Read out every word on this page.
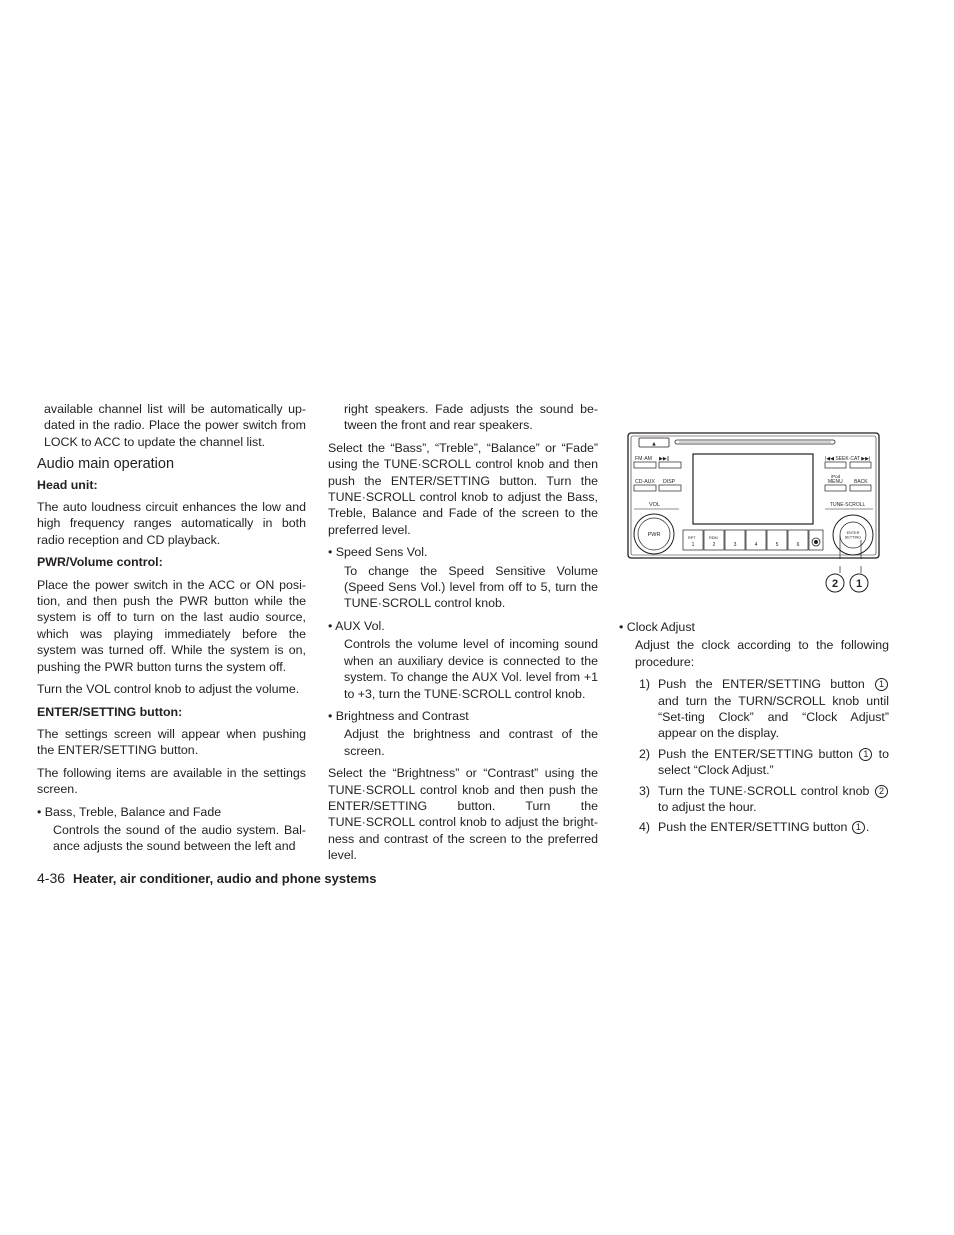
available channel list will be automatically up-dated in the radio. Place the power switch from LOCK to ACC to update the channel list.

Audio main operation

Head unit:

The auto loudness circuit enhances the low and high frequency ranges automatically in both radio reception and CD playback.

PWR/Volume control:

Place the power switch in the ACC or ON posi-tion, and then push the PWR button while the system is off to turn on the last audio source, which was playing immediately before the system was turned off. While the system is on, pushing the PWR button turns the system off.

Turn the VOL control knob to adjust the volume.

ENTER/SETTING button:

The settings screen will appear when pushing the ENTER/SETTING button.

The following items are available in the settings screen.

• Bass, Treble, Balance and Fade

Controls the sound of the audio system. Bal-ance adjusts the sound between the left and

right speakers. Fade adjusts the sound be-tween the front and rear speakers.

Select the “Bass”, “Treble”, “Balance” or “Fade” using the TUNE·SCROLL control knob and then push the ENTER/SETTING button. Turn the TUNE·SCROLL control knob to adjust the Bass, Treble, Balance and Fade of the screen to the preferred level.

• Speed Sens Vol.

To change the Speed Sensitive Volume (Speed Sens Vol.) level from off to 5, turn the TUNE·SCROLL control knob.

• AUX Vol.

Controls the volume level of incoming sound when an auxiliary device is connected to the system. To change the AUX Vol. level from +1 to +3, turn the TUNE·SCROLL control knob.

• Brightness and Contrast

Adjust the brightness and contrast of the screen.

Select the “Brightness” or “Contrast” using the TUNE·SCROLL control knob and then push the ENTER/SETTING button. Turn the TUNE·SCROLL control knob to adjust the bright-ness and contrast of the screen to the preferred level.

▲
FM·AM ▶▶||
CD·AUX DISP
VOL
PWR
|◀◀ SEEK·CAT ▶▶|
iPod
MENU BACK
TUNE·SCROLL
ENTER
SETTING
RPT	RDM
1	2	3	4	5	6
2 1

• Clock Adjust

Adjust the clock according to the following procedure:

1) Push the ENTER/SETTING button 1 and turn the TURN/SCROLL knob until “Set-ting Clock” and “Clock Adjust” appear on the display.
2) Push the ENTER/SETTING button 1 to select “Clock Adjust.”
3) Turn the TUNE·SCROLL control knob 2 to adjust the hour.
4) Push the ENTER/SETTING button 1 .
4-36 Heater, air conditioner, audio and phone systems
